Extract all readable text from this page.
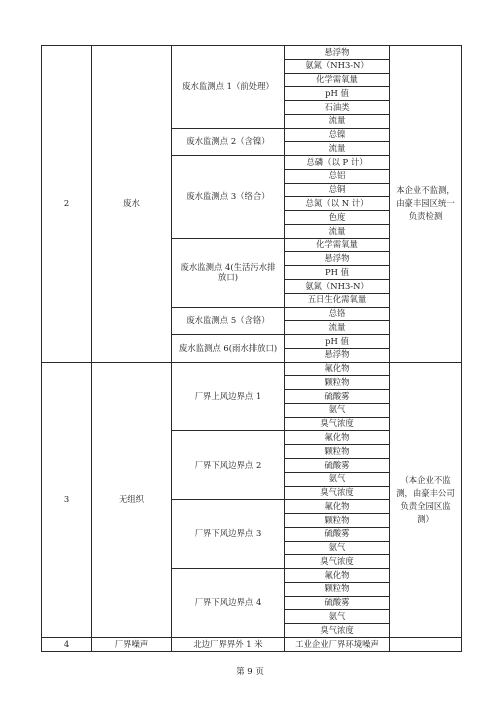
2	废水	废水监测点 1（前处理）	悬浮物	本企业不监测，由豪丰园区统一负责检测
			氨氮（NH3-N）	
			化学需氧量	
			pH 值	
			石油类	
			流量	
		废水监测点 2（含镍）	总镍	
			流量	
		废水监测点 3（络合）	总磷（以 P 计）	
			总铝	
			总铜	
			总氮（以 N 计）	
			色度	
			流量	
		废水监测点 4(生活污水排放口)	化学需氧量	
			悬浮物	
			PH 值	
			氨氮（NH3-N）	
			五日生化需氧量	
		废水监测点 5（含铬）	总铬	
			流量	
		废水监测点 6(雨水排放口)	pH 值	
			悬浮物	
3	无组织	厂界上风边界点 1	氟化物	（本企业不监测，由豪丰公司负责全园区监测）
			颗粒物	
			硫酸雾	
			氨气	
			臭气浓度	
		厂界下风边界点 2	氟化物	
			颗粒物	
			硫酸雾	
			氨气	
			臭气浓度	
		厂界下风边界点 3	氟化物	
			颗粒物	
			硫酸雾	
			氨气	
			臭气浓度	
		厂界下风边界点 4	氟化物	
			颗粒物	
			硫酸雾	
			氨气	
			臭气浓度	
4	厂界噪声	北边厂界界外 1 米	工业企业厂界环境噪声	
第 9 页
